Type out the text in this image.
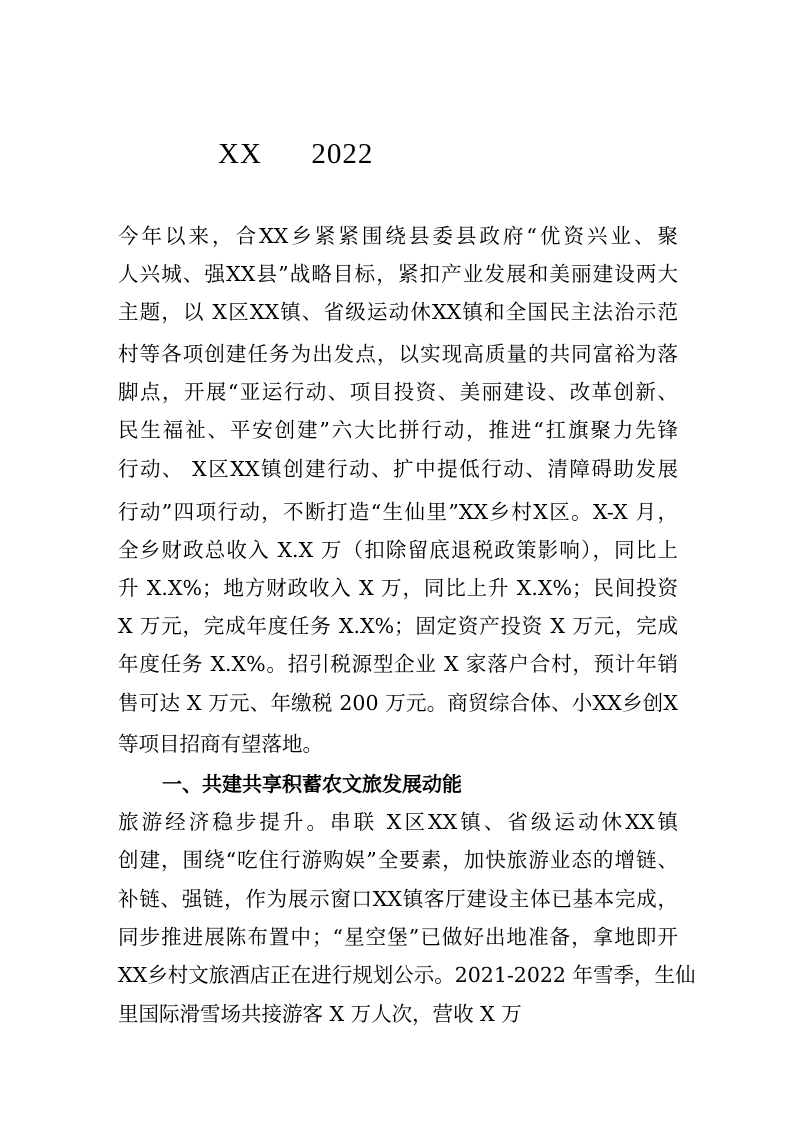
XX      2022
今年以来，合XX乡紧紧围绕县委县政府“优资兴业、聚
人兴城、强XX县”战略目标，紧扣产业发展和美丽建设两大
主题，以 X区XX镇、省级运动休XX镇和全国民主法治示范
村等各项创建任务为出发点，以实现高质量的共同富裕为落
脚点，开展“亚运行动、项目投资、美丽建设、改革创新、
民生福祉、平安创建”六大比拼行动，推进“扛旗聚力先锋
行动、 X区XX镇创建行动、扩中提低行动、清障碍助发展
行动”四项行动，不断打造“生仙里”XX乡村X区。X-X 月，
全乡财政总收入 X.X 万（扣除留底退税政策影响），同比上
升 X.X%；地方财政收入 X 万，同比上升 X.X%；民间投资
X 万元，完成年度任务 X.X%；固定资产投资 X 万元，完成
年度任务 X.X%。招引税源型企业 X 家落户合村，预计年销
售可达 X 万元、年缴税 200 万元。商贸综合体、小XX乡创X
等项目招商有望落地。
一、共建共享积蓄农文旅发展动能
旅游经济稳步提升。串联 X区XX镇、省级运动休XX镇
创建，围绕“吃住行游购娱”全要素，加快旅游业态的增链、
补链、强链，作为展示窗口XX镇客厅建设主体已基本完成，
同步推进展陈布置中；“星空堡”已做好出地准备，拿地即开
XX乡村文旅酒店正在进行规划公示。2021-2022 年雪季，生仙
里国际滑雪场共接游客 X 万人次，营收 X 万
